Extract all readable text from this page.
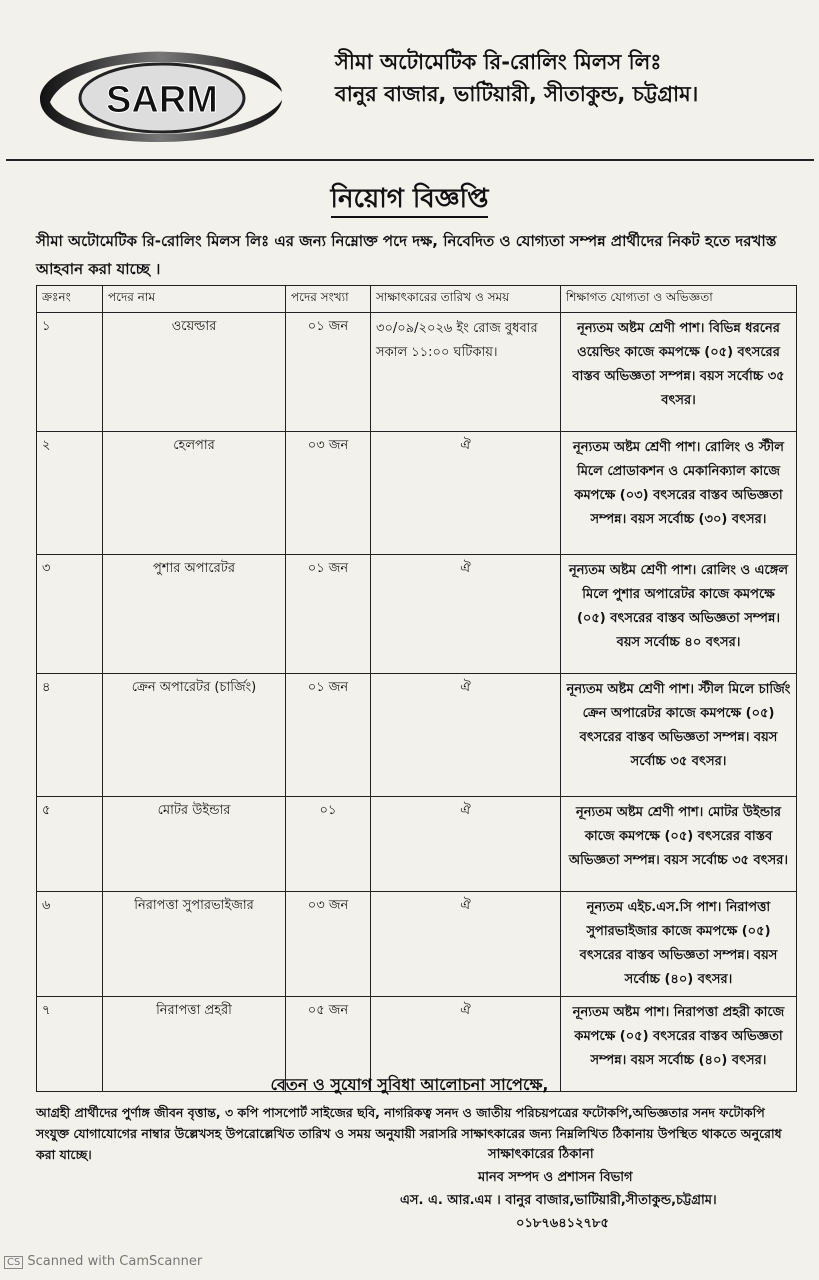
SARM
সীমা অটোমেটিক রি-রোলিং মিলস লিঃ
বানুর বাজার, ভাটিয়ারী, সীতাকুন্ড, চট্টগ্রাম।
নিয়োগ বিজ্ঞপ্তি
সীমা অটোমেটিক রি-রোলিং মিলস লিঃ এর জন্য নিম্নোক্ত পদে দক্ষ, নিবেদিত ও যোগ্যতা সম্পন্ন প্রার্থীদের নিকট হতে দরখাস্ত আহবান করা যাচ্ছে ।
ক্রঃনং	পদের নাম	পদের সংখ্যা	সাক্ষাৎকারের তারিখ ও সময়	শিক্ষাগত যোগ্যতা ও অভিজ্ঞতা
১	ওয়েল্ডার	০১ জন	৩০/০৯/২০২৬ ইং রোজ বুধবার সকাল ১১:০০ ঘটিকায়।	নূন্যতম অষ্টম শ্রেণী পাশ। বিভিন্ন ধরনের ওয়েল্ডিং কাজে কমপক্ষে (০৫) বৎসরের বাস্তব অভিজ্ঞতা সম্পন্ন। বয়স সর্বোচ্চ ৩৫ বৎসর।
২	হেলপার	০৩ জন	ঐ	নূন্যতম অষ্টম শ্রেণী পাশ। রোলিং ও স্টীল মিলে প্রোডাকশন ও মেকানিক্যাল কাজে কমপক্ষে (০৩) বৎসরের বাস্তব অভিজ্ঞতা সম্পন্ন। বয়স সর্বোচ্চ (৩০) বৎসর।
৩	পুশার অপারেটর	০১ জন	ঐ	নূন্যতম অষ্টম শ্রেণী পাশ। রোলিং ও এঙ্গেল মিলে পুশার অপারেটর কাজে কমপক্ষে (০৫) বৎসরের বাস্তব অভিজ্ঞতা সম্পন্ন। বয়স সর্বোচ্চ ৪০ বৎসর।
৪	ক্রেন অপারেটর (চার্জিং)	০১ জন	ঐ	নূন্যতম অষ্টম শ্রেণী পাশ। স্টীল মিলে চার্জিং ক্রেন অপারেটর কাজে কমপক্ষে (০৫) বৎসরের বাস্তব অভিজ্ঞতা সম্পন্ন। বয়স সর্বোচ্চ ৩৫ বৎসর।
৫	মোটর উইন্ডার	০১	ঐ	নূন্যতম অষ্টম শ্রেণী পাশ। মোটর উইন্ডার কাজে কমপক্ষে (০৫) বৎসরের বাস্তব অভিজ্ঞতা সম্পন্ন। বয়স সর্বোচ্চ ৩৫ বৎসর।
৬	নিরাপত্তা সুপারভাইজার	০৩ জন	ঐ	নূন্যতম এইচ.এস.সি পাশ। নিরাপত্তা সুপারভাইজার কাজে কমপক্ষে (০৫) বৎসরের বাস্তব অভিজ্ঞতা সম্পন্ন। বয়স সর্বোচ্চ (৪০) বৎসর।
৭	নিরাপত্তা প্রহরী	০৫ জন	ঐ	নূন্যতম অষ্টম পাশ। নিরাপত্তা প্রহরী কাজে কমপক্ষে (০৫) বৎসরের বাস্তব অভিজ্ঞতা সম্পন্ন। বয়স সর্বোচ্চ (৪০) বৎসর।
বেতন ও সুযোগ সুবিধা আলোচনা সাপেক্ষে,
আগ্রহী প্রার্থীদের পুর্ণাঙ্গ জীবন বৃত্তান্ত, ৩ কপি পাসপোর্ট সাইজের ছবি, নাগরিকত্ব সনদ ও জাতীয় পরিচয়পত্রের ফটোকপি,অভিজ্ঞতার সনদ ফটোকপি সংযুক্ত যোগাযোগের নাম্বার উল্লেখসহ উপরোল্লেখিত তারিখ ও সময় অনুযায়ী সরাসরি সাক্ষাৎকারের জন্য নিম্নলিখিত ঠিকানায় উপস্থিত থাকতে অনুরোধ করা যাচ্ছে।	সাক্ষাৎকারের ঠিকানা
মানব সম্পদ ও প্রশাসন বিভাগ
এস. এ. আর.এম । বানুর বাজার,ভাটিয়ারী,সীতাকুন্ড,চট্টগ্রাম।
০১৮৭৬৪১২৭৮৫
CS Scanned with CamScanner
